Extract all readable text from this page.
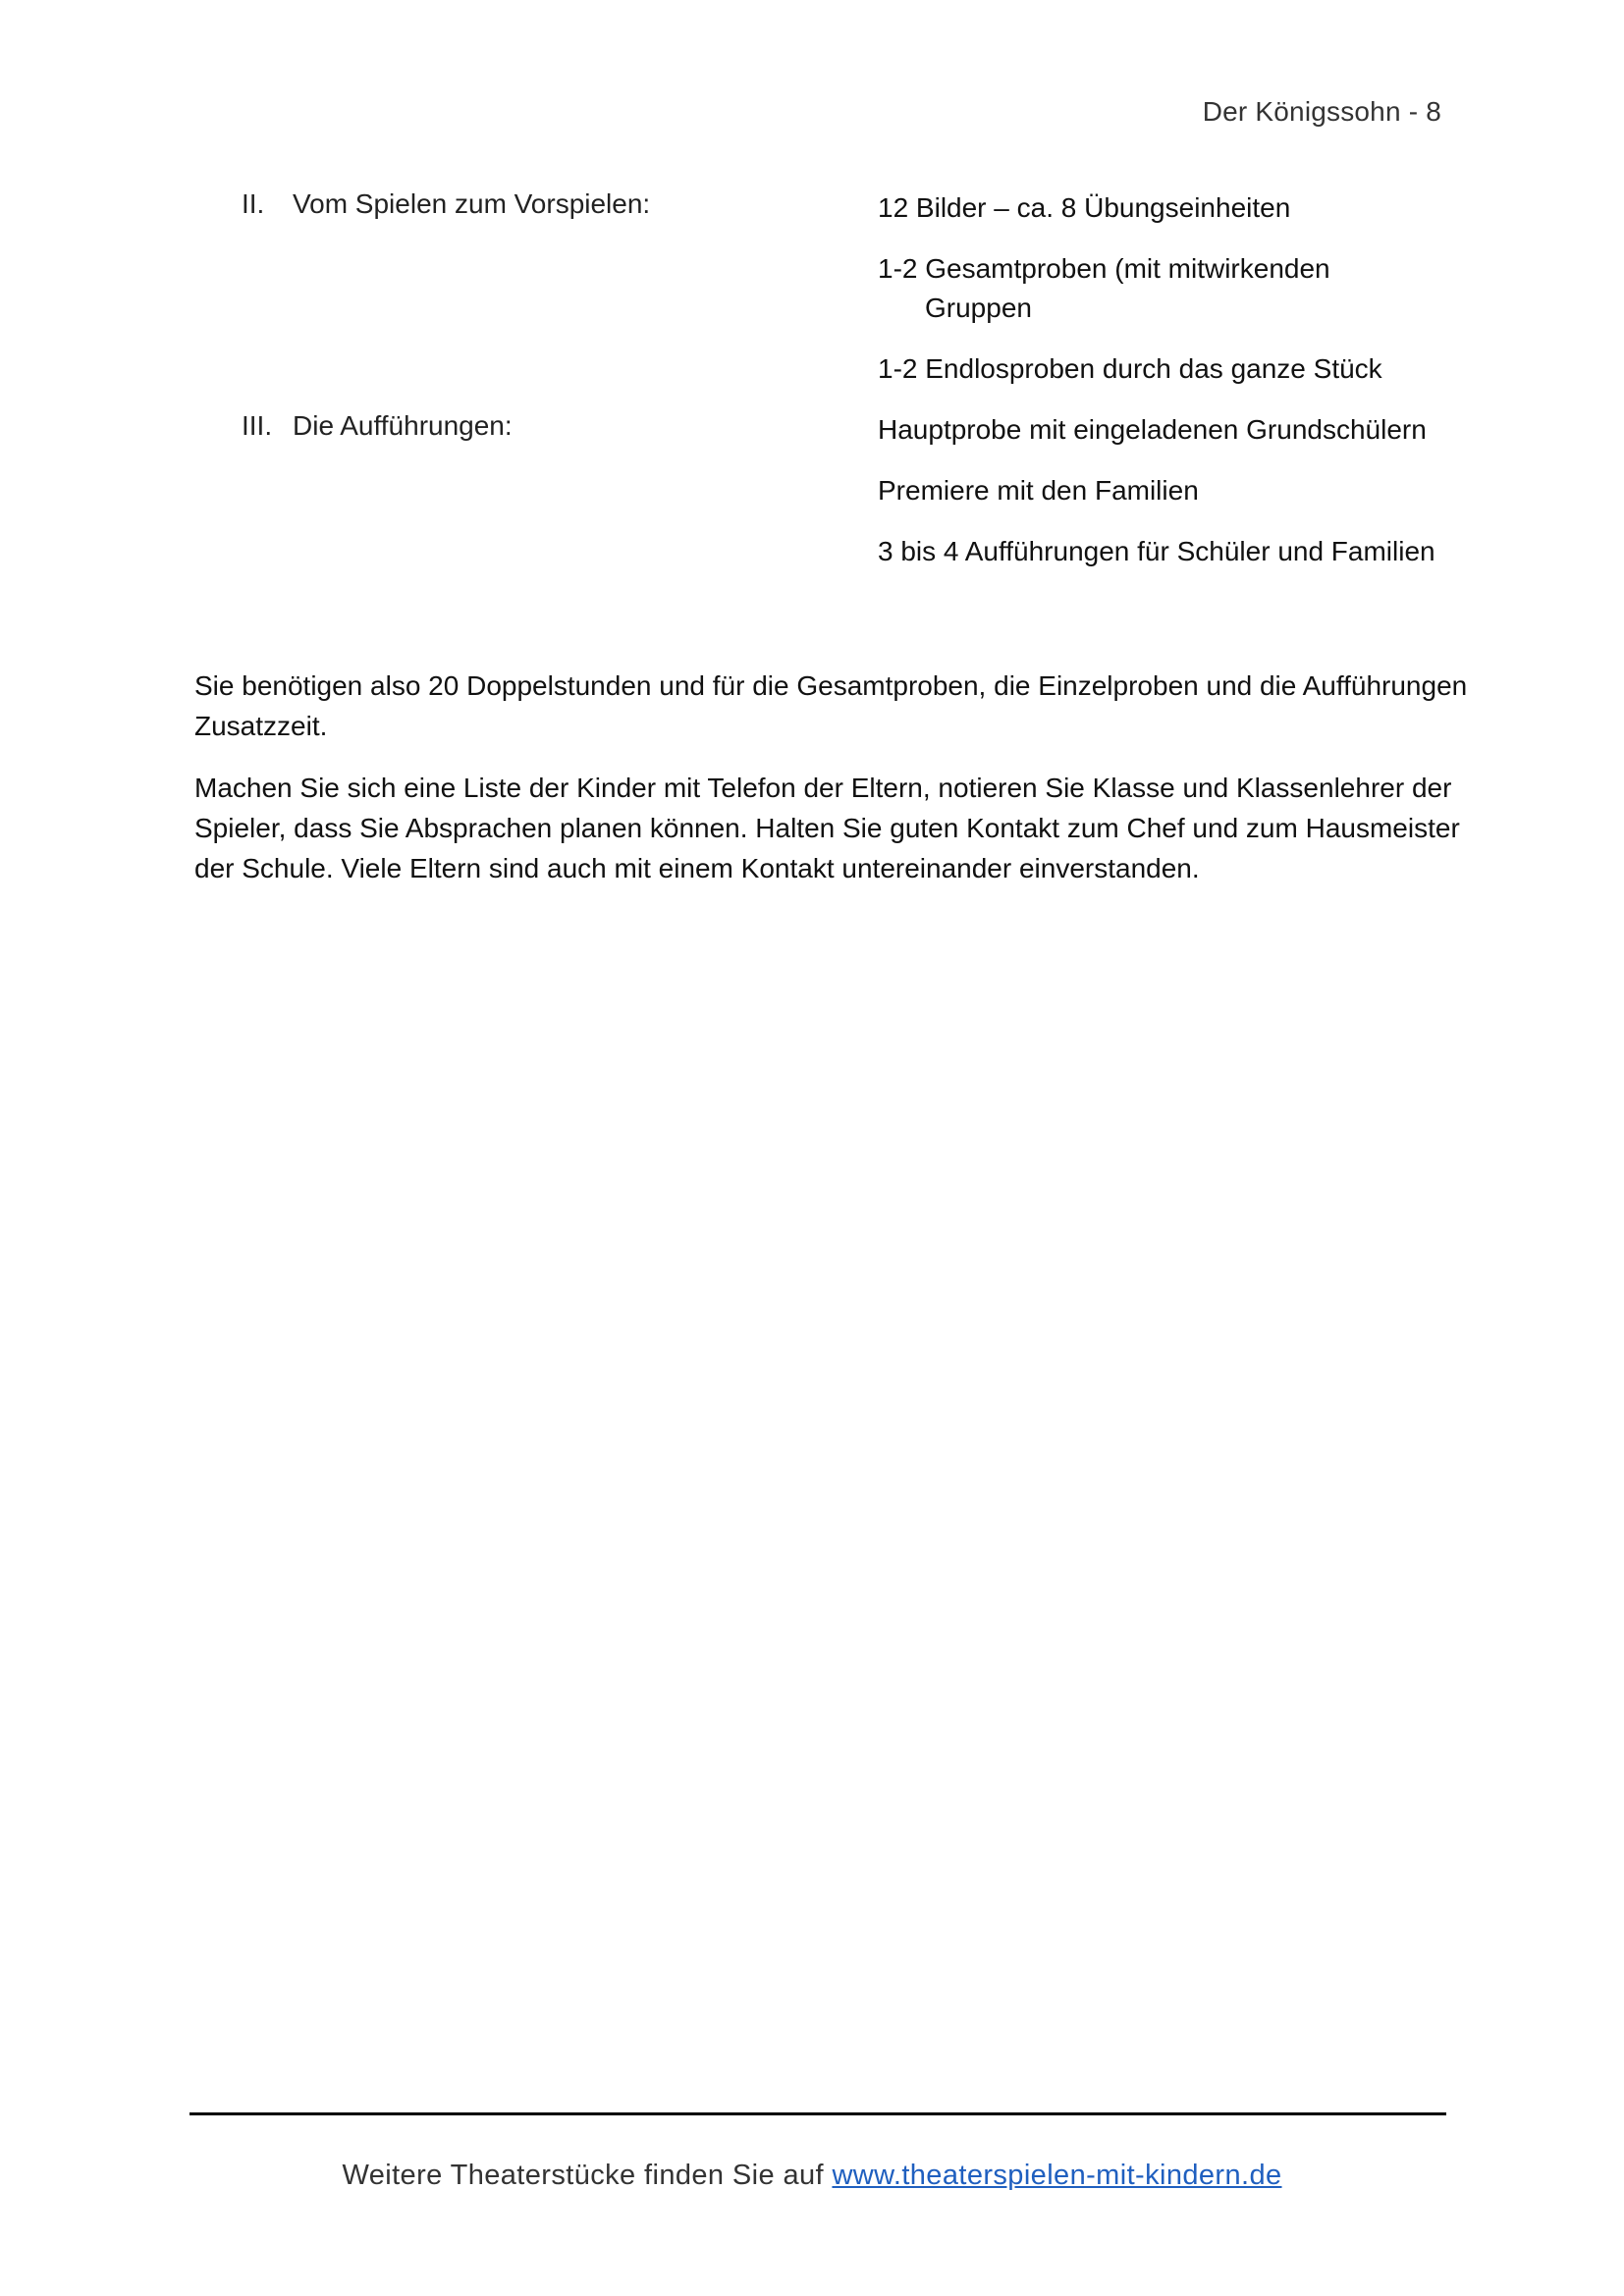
Der Königssohn - 8
II.	Vom Spielen zum Vorspielen:	12 Bilder – ca. 8 Übungseinheiten
1-2 Gesamtproben (mit mitwirkenden
Gruppen
1-2 Endlosproben durch das ganze Stück
III. Die Aufführungen:	Hauptprobe mit eingeladenen Grundschülern
Premiere mit den Familien
3 bis 4 Aufführungen für Schüler und Familien

Sie benötigen also 20 Doppelstunden und für die Gesamtproben, die Einzelproben und die Aufführungen Zusatzzeit.

Machen Sie sich eine Liste der Kinder mit Telefon der Eltern, notieren Sie Klasse und Klassenlehrer der Spieler, dass Sie Absprachen planen können. Halten Sie guten Kontakt zum Chef und zum Hausmeister der Schule. Viele Eltern sind auch mit einem Kontakt untereinander einverstanden.

Weitere Theaterstücke finden Sie auf www.theaterspielen-mit-kindern.de
